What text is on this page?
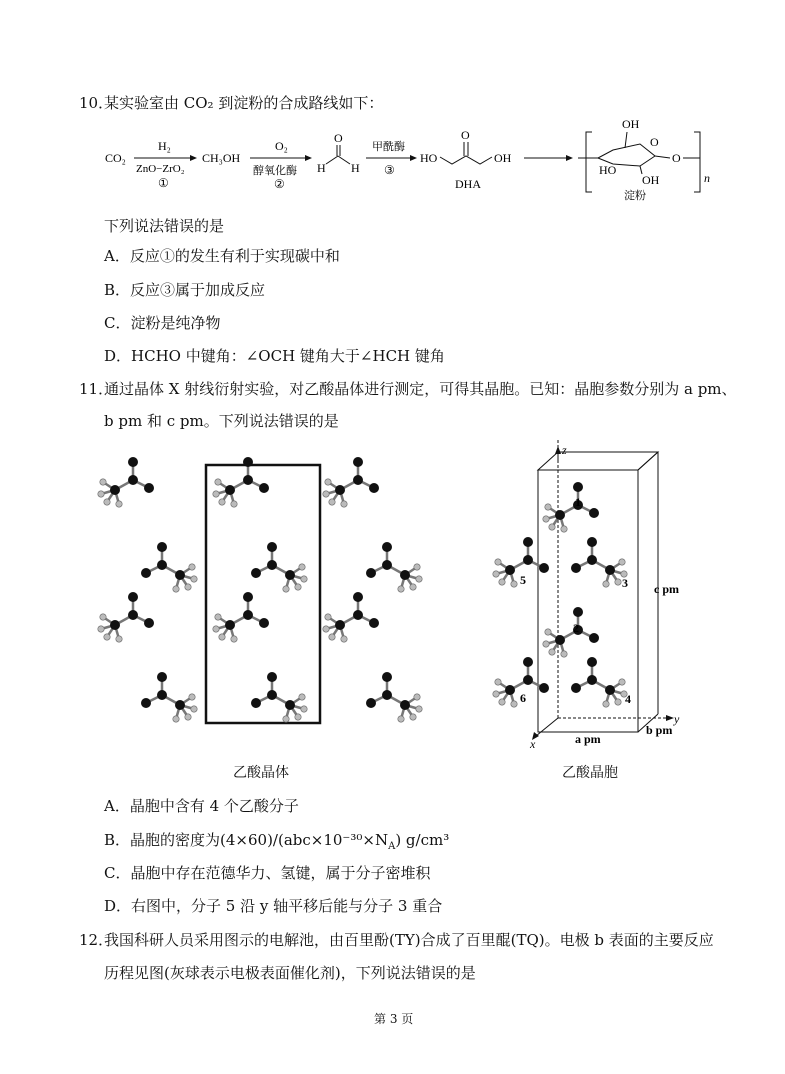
10．
某实验室由 CO₂ 到淀粉的合成路线如下：
CO₂
H₂
ZnO−ZrO₂
①
CH₃OH
O₂
醇氧化酶
②
O
H H
甲酰酶
③
HO
O
OH
DHA
OH
HO
OH
O
O
n
淀粉
下列说法错误的是
A．反应①的发生有利于实现碳中和
B．反应③属于加成反应
C．淀粉是纯净物
D．HCHO 中键角：∠OCH 键角大于∠HCH 键角
11．
通过晶体 X 射线衍射实验，对乙酸晶体进行测定，可得其晶胞。已知：晶胞参数分别为 a pm、
b pm 和 c pm。下列说法错误的是
乙酸晶体
z
y
x
1
2
3
4
5
6
c pm
a pm
b pm
乙酸晶胞
A．晶胞中含有 4 个乙酸分子
B．晶胞的密度为$(4\times 60)/(abc\times 10^{-30}\times N_A)$ g/cm³
C．晶胞中存在范德华力、氢键，属于分子密堆积
D．右图中，分子 5 沿 y 轴平移后能与分子 3 重合
12．
我国科研人员采用图示的电解池，由百里酚(TY)合成了百里醌(TQ)。电极 b 表面的主要反应
历程见图(灰球表示电极表面催化剂)，下列说法错误的是
第 3 页
